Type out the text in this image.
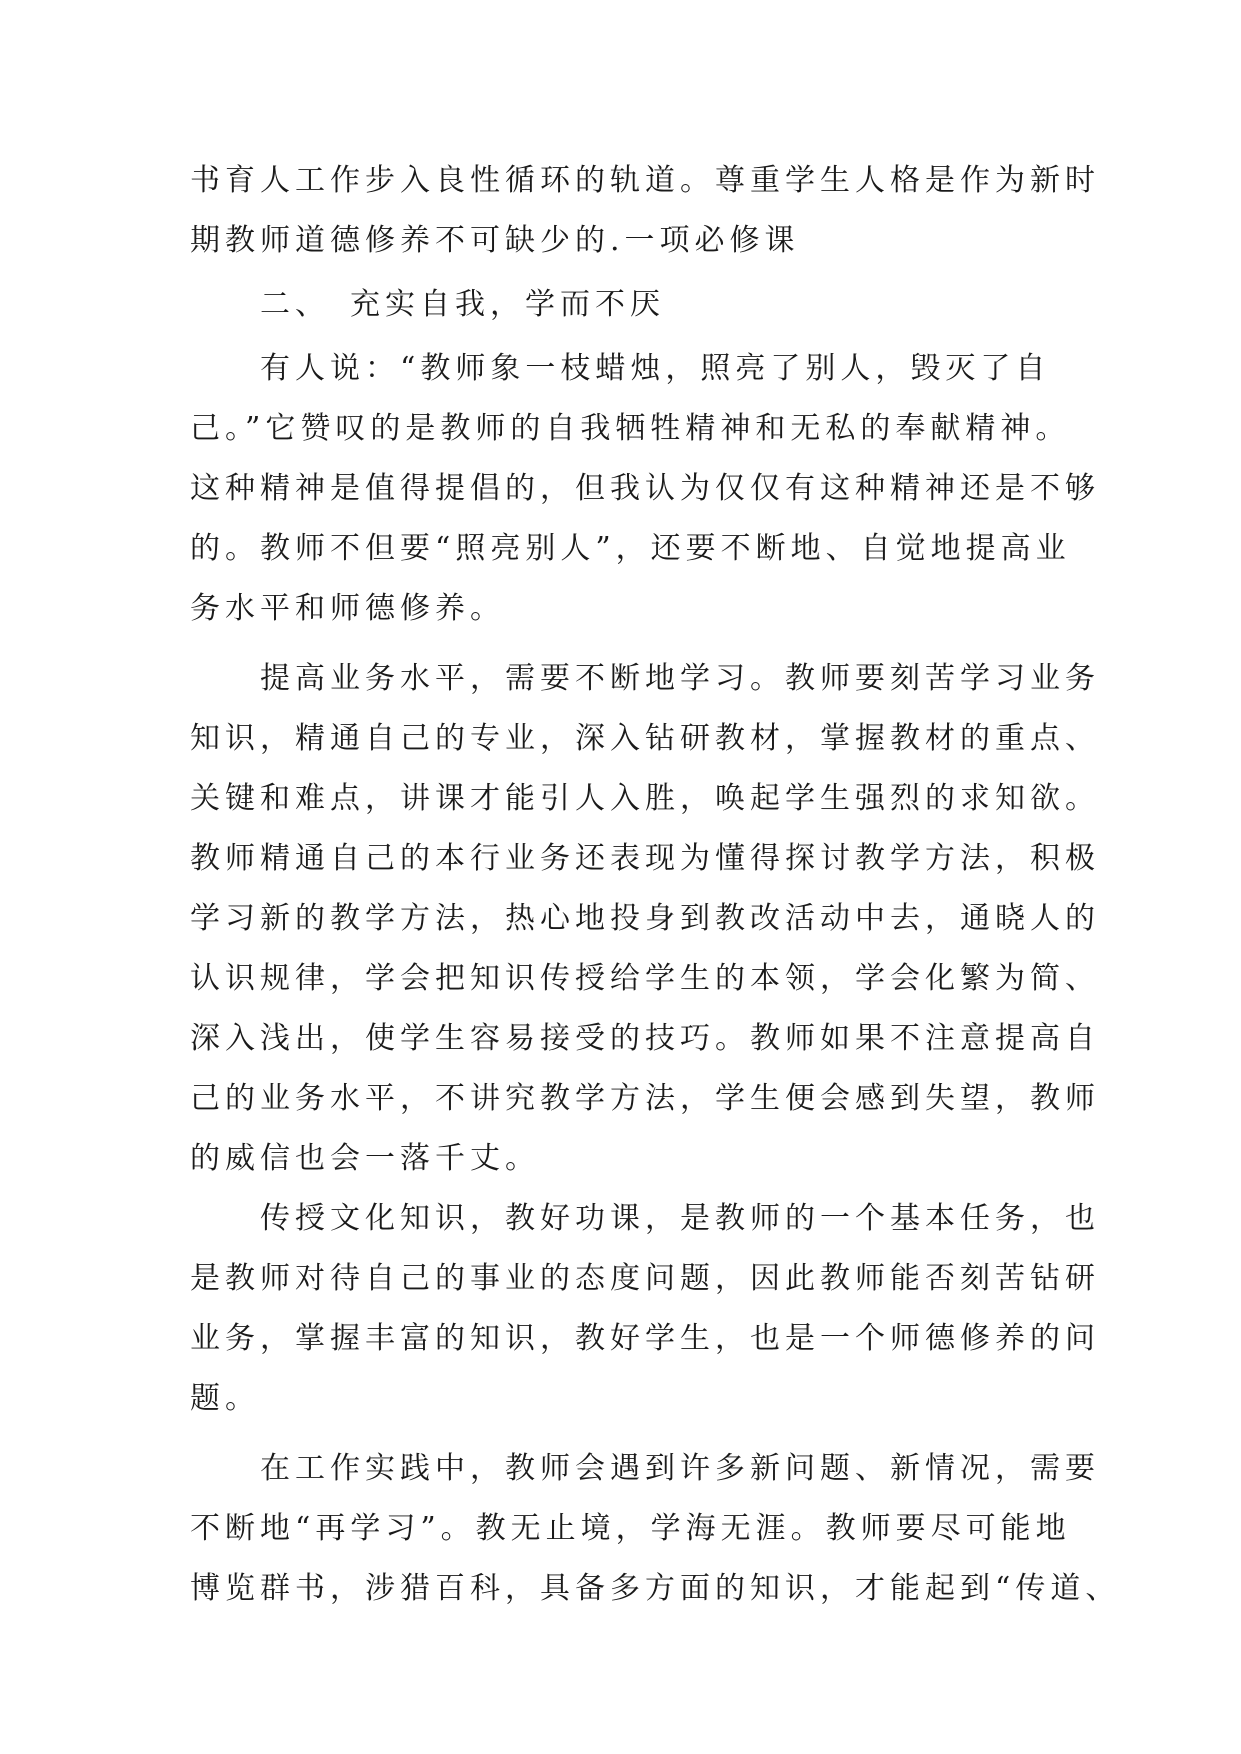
书育人工作步入良性循环的轨道。尊重学生人格是作为新时
期教师道德修养不可缺少的.一项必修课
　　二、　充实自我，学而不厌
　　有人说：“教师象一枝蜡烛，照亮了别人，毁灭了自
己。”它赞叹的是教师的自我牺牲精神和无私的奉献精神。
这种精神是值得提倡的，但我认为仅仅有这种精神还是不够
的。教师不但要“照亮别人”，还要不断地、自觉地提高业
务水平和师德修养。
　　提高业务水平，需要不断地学习。教师要刻苦学习业务
知识，精通自己的专业，深入钻研教材，掌握教材的重点、
关键和难点，讲课才能引人入胜，唤起学生强烈的求知欲。
教师精通自己的本行业务还表现为懂得探讨教学方法，积极
学习新的教学方法，热心地投身到教改活动中去，通晓人的
认识规律，学会把知识传授给学生的本领，学会化繁为简、
深入浅出，使学生容易接受的技巧。教师如果不注意提高自
己的业务水平，不讲究教学方法，学生便会感到失望，教师
的威信也会一落千丈。
　　传授文化知识，教好功课，是教师的一个基本任务，也
是教师对待自己的事业的态度问题，因此教师能否刻苦钻研
业务，掌握丰富的知识，教好学生，也是一个师德修养的问
题。
　　在工作实践中，教师会遇到许多新问题、新情况，需要
不断地“再学习”。教无止境，学海无涯。教师要尽可能地
博览群书，涉猎百科，具备多方面的知识，才能起到“传道、
